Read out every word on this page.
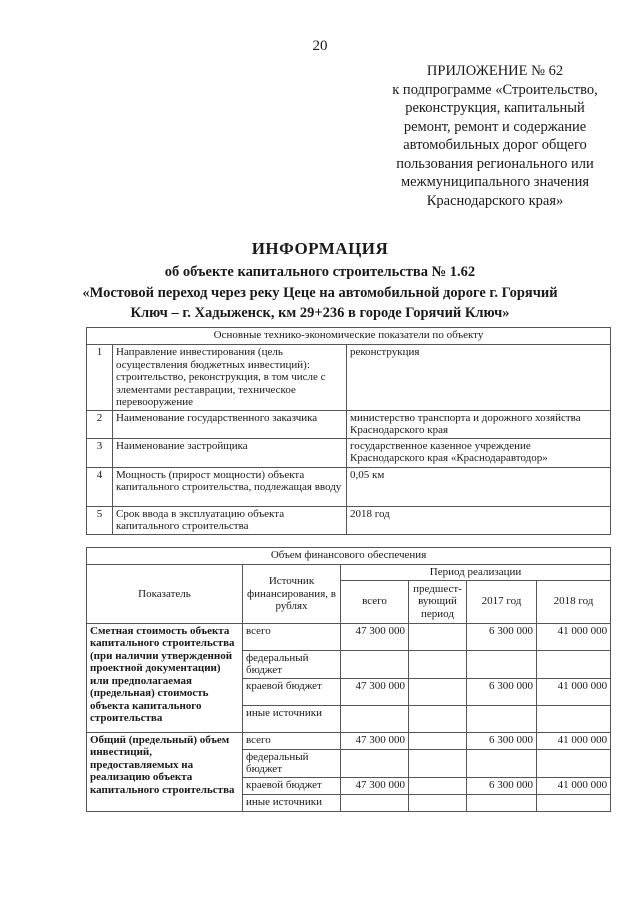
20
ПРИЛОЖЕНИЕ № 62
к подпрограмме «Строительство,
реконструкция, капитальный
ремонт, ремонт и содержание
автомобильных дорог общего
пользования регионального или
межмуниципального значения
Краснодарского края»
ИНФОРМАЦИЯ
об объекте капитального строительства № 1.62
«Мостовой переход через реку Цеце на автомобильной дороге г. Горячий
Ключ – г. Хадыженск, км 29+236 в городе Горячий Ключ»
Основные технико-экономические показатели по объекту		
1	Направление инвестирования (цель осуществления бюджетных инвестиций): строительство, реконструкция, в том числе с элементами реставрации, техническое перевооружение	реконструкция
2	Наименование государственного заказчика	министерство транспорта и дорожного хозяйства Краснодарского края
3	Наименование застройщика	государственное казенное учреждение Краснодарского края «Краснодаравтодор»
4	Мощность (прирост мощности) объекта капитального строительства, подлежащая вводу	0,05 км
5	Срок ввода в эксплуатацию объекта капитального строительства	2018 год
Объем финансового обеспечения					
Показатель	Источник финансирования, в рублях	Период реализации			
		всего	предшест-вующий период	2017 год	2018 год
Сметная стоимость объекта капитального строительства (при наличии утвержденной проектной документации) или предполагаемая (предельная) стоимость объекта капитального строительства	всего	47 300 000		6 300 000	41 000 000
	федеральный бюджет				
	краевой бюджет	47 300 000		6 300 000	41 000 000
	иные источники				
Общий (предельный) объем инвестиций, предоставляемых на реализацию объекта капитального строительства	всего	47 300 000		6 300 000	41 000 000
	федеральный бюджет				
	краевой бюджет	47 300 000		6 300 000	41 000 000
	иные источники				
